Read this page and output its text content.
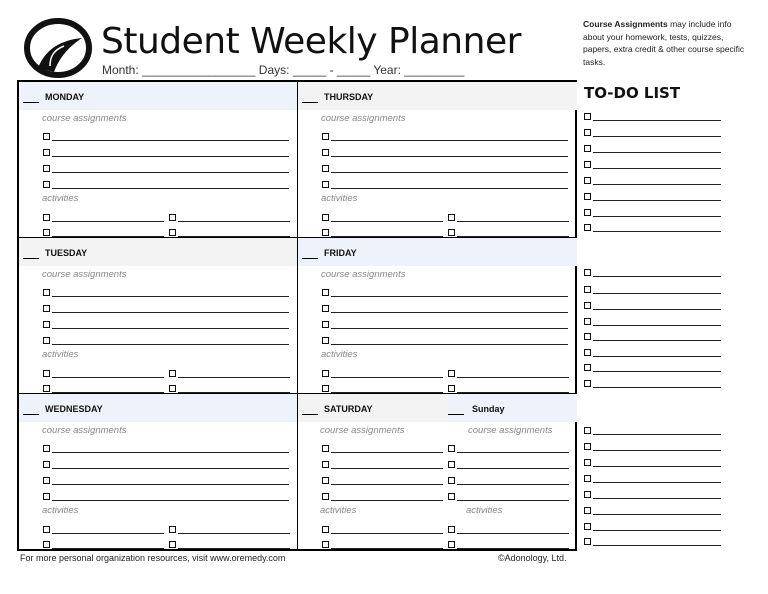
Student Weekly Planner
Month: _________________ Days: _____ - _____ Year: _________
Course Assignments may include info about your homework, tests, quizzes, papers, extra credit & other course specific tasks.
MONDAY
course assignments
activities
THURSDAY
course assignments
activities
TUESDAY
course assignments
activities
FRIDAY
course assignments
activities
WEDNESDAY
course assignments
activities
SATURDAY	Sunday
course assignments	course assignments
activities	activities
TO-DO LIST
For more personal organization resources, visit www.oremedy.com	©Adonology, Ltd.
